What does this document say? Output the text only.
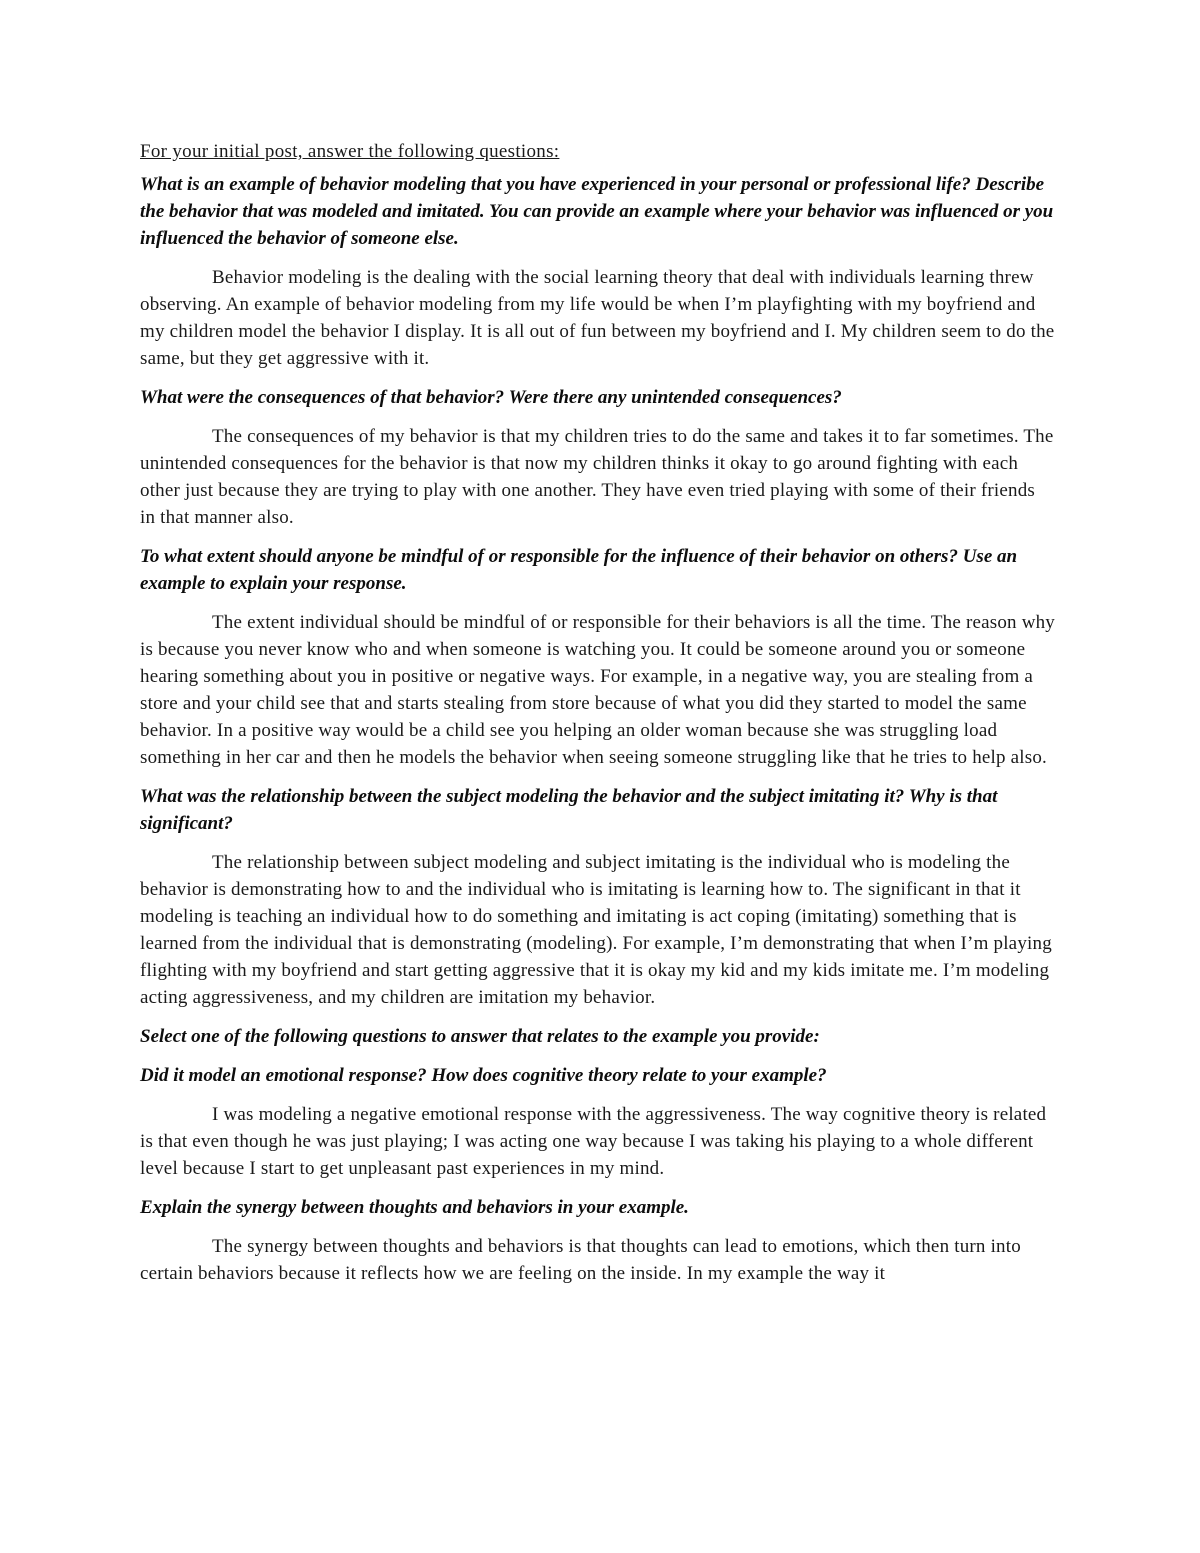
For your initial post, answer the following questions:

What is an example of behavior modeling that you have experienced in your personal or professional life? Describe the behavior that was modeled and imitated. You can provide an example where your behavior was influenced or you influenced the behavior of someone else.

Behavior modeling is the dealing with the social learning theory that deal with individuals learning threw observing. An example of behavior modeling from my life would be when I’m playfighting with my boyfriend and my children model the behavior I display. It is all out of fun between my boyfriend and I. My children seem to do the same, but they get aggressive with it.

What were the consequences of that behavior? Were there any unintended consequences?

The consequences of my behavior is that my children tries to do the same and takes it to far sometimes. The unintended consequences for the behavior is that now my children thinks it okay to go around fighting with each other just because they are trying to play with one another. They have even tried playing with some of their friends in that manner also.

To what extent should anyone be mindful of or responsible for the influence of their behavior on others? Use an example to explain your response.

The extent individual should be mindful of or responsible for their behaviors is all the time. The reason why is because you never know who and when someone is watching you. It could be someone around you or someone hearing something about you in positive or negative ways. For example, in a negative way, you are stealing from a store and your child see that and starts stealing from store because of what you did they started to model the same behavior. In a positive way would be a child see you helping an older woman because she was struggling load something in her car and then he models the behavior when seeing someone struggling like that he tries to help also.

What was the relationship between the subject modeling the behavior and the subject imitating it? Why is that significant?

The relationship between subject modeling and subject imitating is the individual who is modeling the behavior is demonstrating how to and the individual who is imitating is learning how to. The significant in that it modeling is teaching an individual how to do something and imitating is act coping (imitating) something that is learned from the individual that is demonstrating (modeling). For example, I’m demonstrating that when I’m playing flighting with my boyfriend and start getting aggressive that it is okay my kid and my kids imitate me. I’m modeling acting aggressiveness, and my children are imitation my behavior.

Select one of the following questions to answer that relates to the example you provide:

Did it model an emotional response? How does cognitive theory relate to your example?

I was modeling a negative emotional response with the aggressiveness. The way cognitive theory is related is that even though he was just playing; I was acting one way because I was taking his playing to a whole different level because I start to get unpleasant past experiences in my mind.

Explain the synergy between thoughts and behaviors in your example.

The synergy between thoughts and behaviors is that thoughts can lead to emotions, which then turn into certain behaviors because it reflects how we are feeling on the inside. In my example the way it
